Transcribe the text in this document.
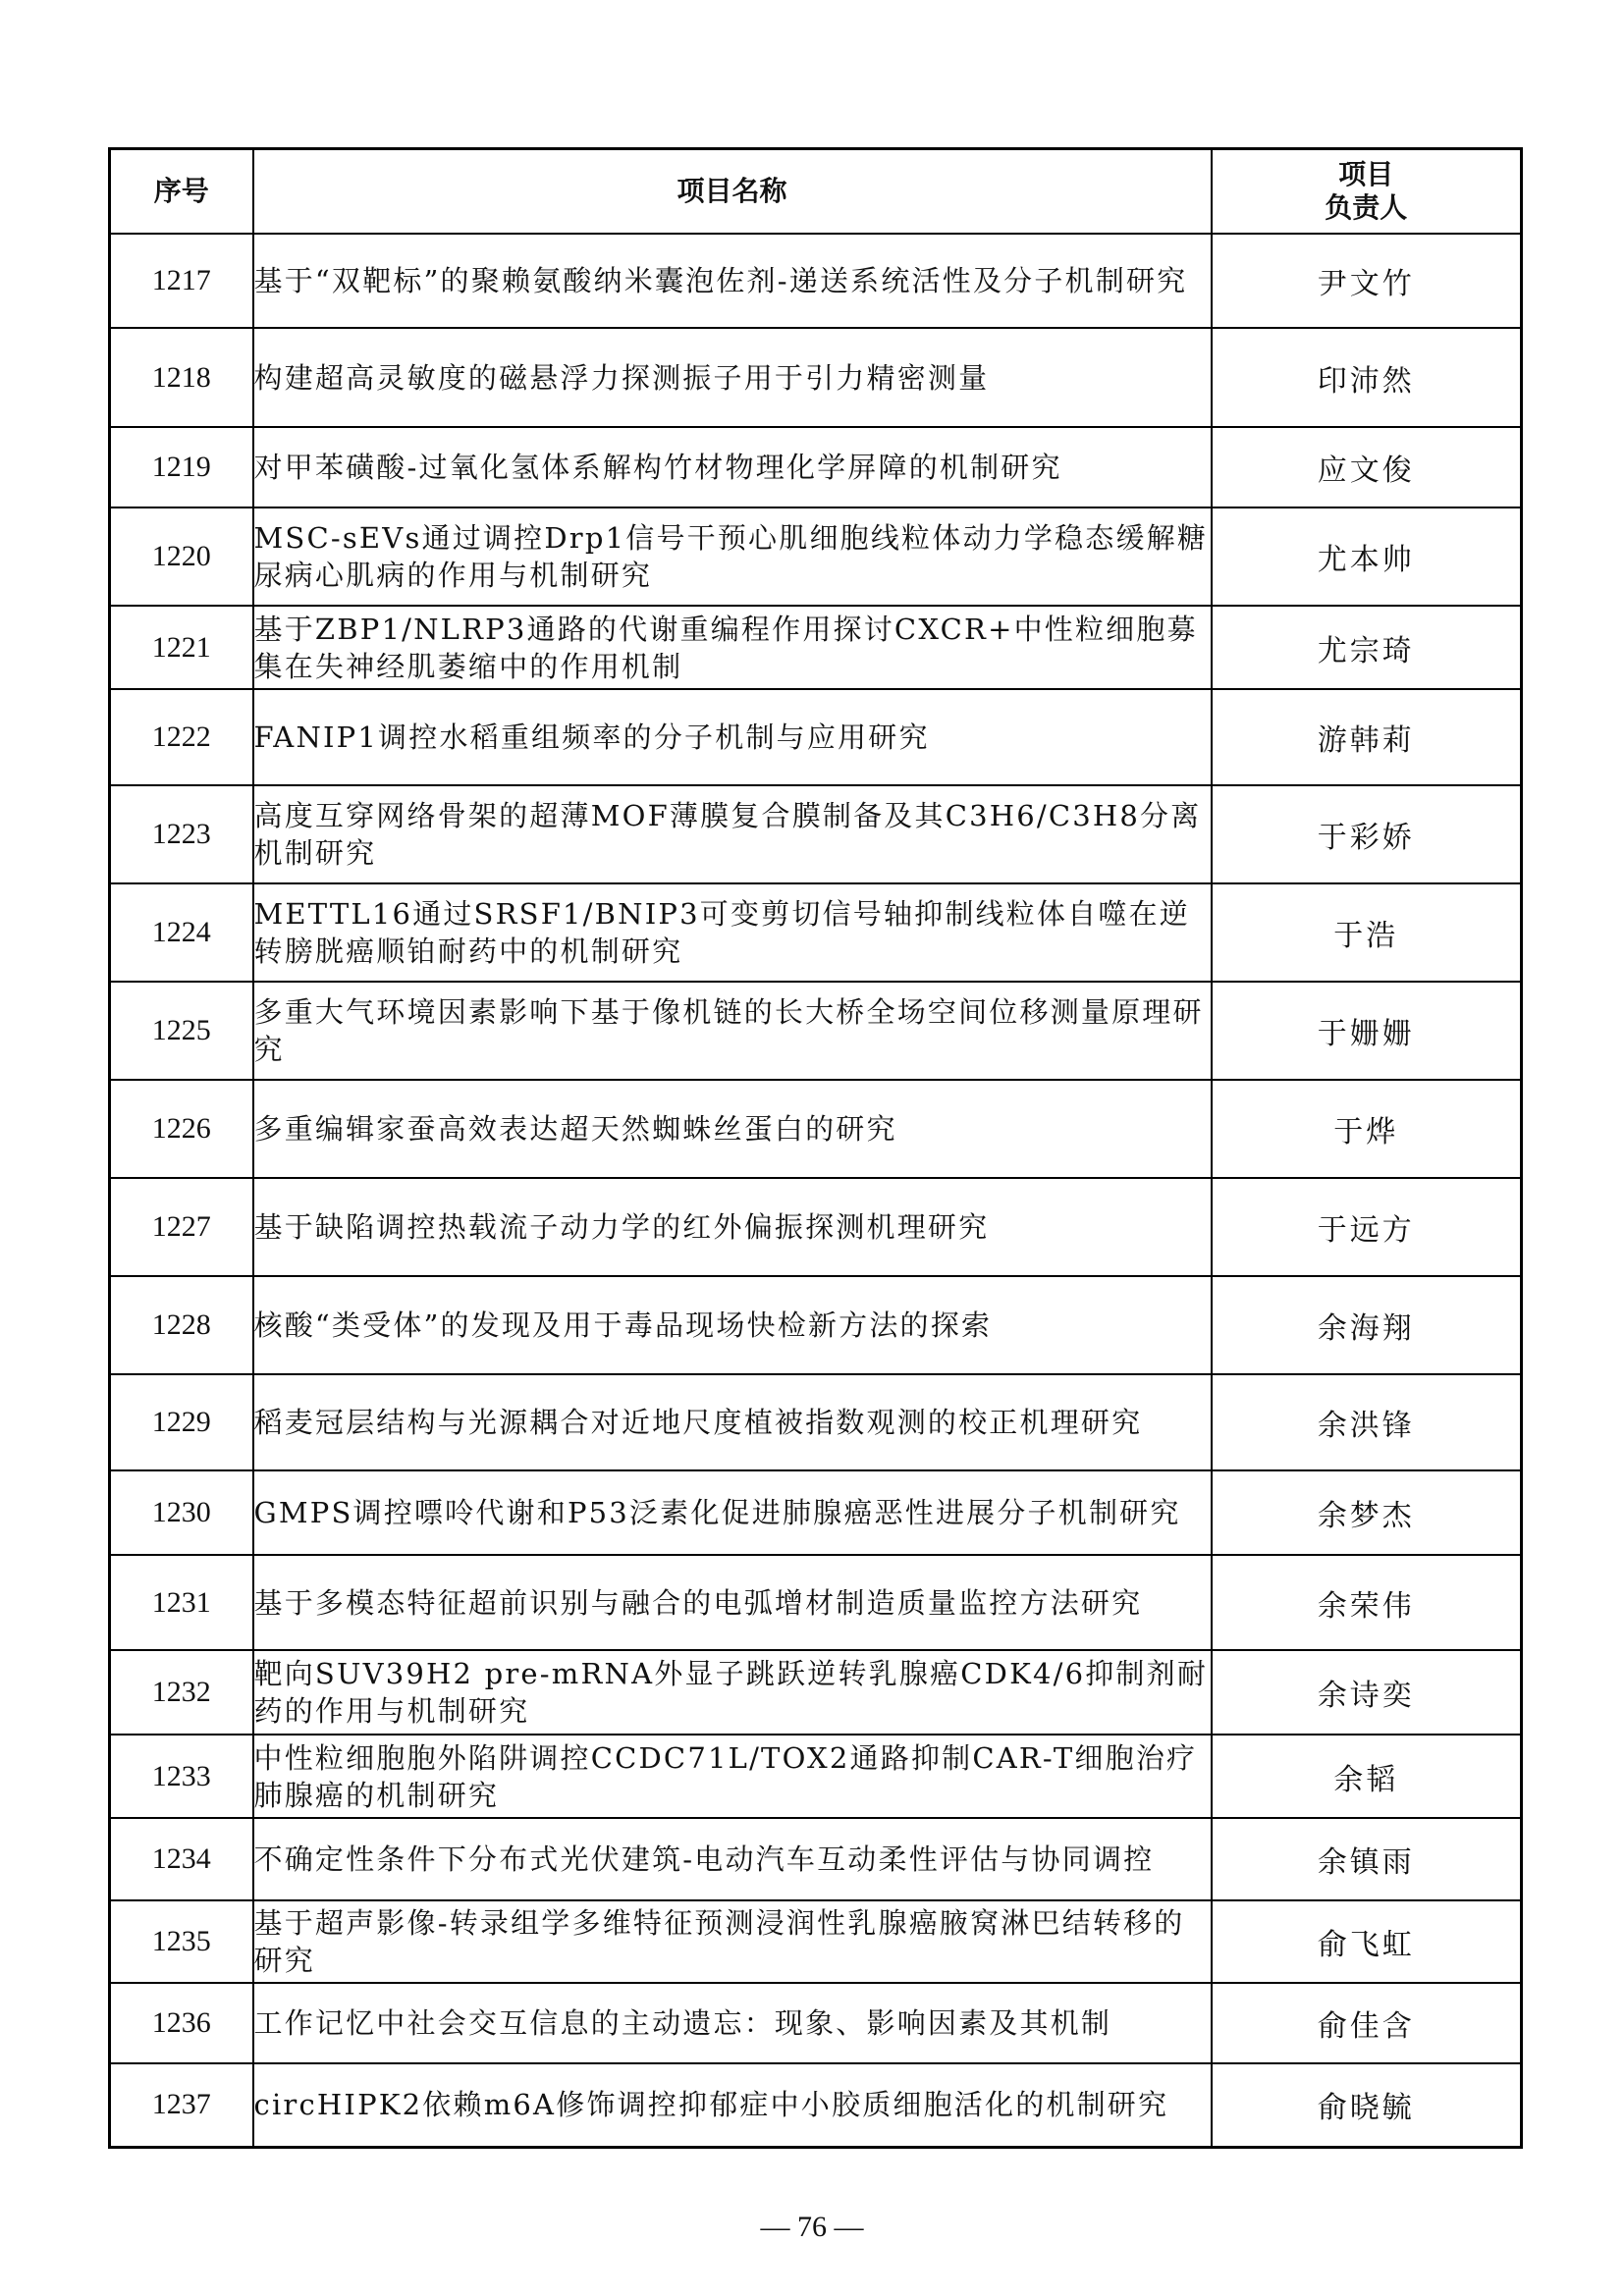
序号	项目名称	项目
负责人

1217	基于“双靶标”的聚赖氨酸纳米囊泡佐剂-递送系统活性及分子机制研究	尹文竹
1218	构建超高灵敏度的磁悬浮力探测振子用于引力精密测量	印沛然
1219	对甲苯磺酸-过氧化氢体系解构竹材物理化学屏障的机制研究	应文俊
1220	MSC-sEVs通过调控Drp1信号干预心肌细胞线粒体动力学稳态缓解糖尿病心肌病的作用与机制研究	尤本帅
1221	基于ZBP1/NLRP3通路的代谢重编程作用探讨CXCR+中性粒细胞募集在失神经肌萎缩中的作用机制	尤宗琦
1222	FANIP1调控水稻重组频率的分子机制与应用研究	游韩莉
1223	高度互穿网络骨架的超薄MOF薄膜复合膜制备及其C3H6/C3H8分离机制研究	于彩娇
1224	METTL16通过SRSF1/BNIP3可变剪切信号轴抑制线粒体自噬在逆转膀胱癌顺铂耐药中的机制研究	于浩
1225	多重大气环境因素影响下基于像机链的长大桥全场空间位移测量原理研究	于姗姗
1226	多重编辑家蚕高效表达超天然蜘蛛丝蛋白的研究	于烨
1227	基于缺陷调控热载流子动力学的红外偏振探测机理研究	于远方
1228	核酸“类受体”的发现及用于毒品现场快检新方法的探索	余海翔
1229	稻麦冠层结构与光源耦合对近地尺度植被指数观测的校正机理研究	余洪锋
1230	GMPS调控嘌呤代谢和P53泛素化促进肺腺癌恶性进展分子机制研究	余梦杰
1231	基于多模态特征超前识别与融合的电弧增材制造质量监控方法研究	余荣伟
1232	靶向SUV39H2 pre-mRNA外显子跳跃逆转乳腺癌CDK4/6抑制剂耐药的作用与机制研究	余诗奕
1233	中性粒细胞胞外陷阱调控CCDC71L/TOX2通路抑制CAR-T细胞治疗肺腺癌的机制研究	余韬
1234	不确定性条件下分布式光伏建筑-电动汽车互动柔性评估与协同调控	余镇雨
1235	基于超声影像-转录组学多维特征预测浸润性乳腺癌腋窝淋巴结转移的研究	俞飞虹
1236	工作记忆中社会交互信息的主动遗忘：现象、影响因素及其机制	俞佳含
1237	circHIPK2依赖m6A修饰调控抑郁症中小胶质细胞活化的机制研究	俞晓毓
— 76 —
